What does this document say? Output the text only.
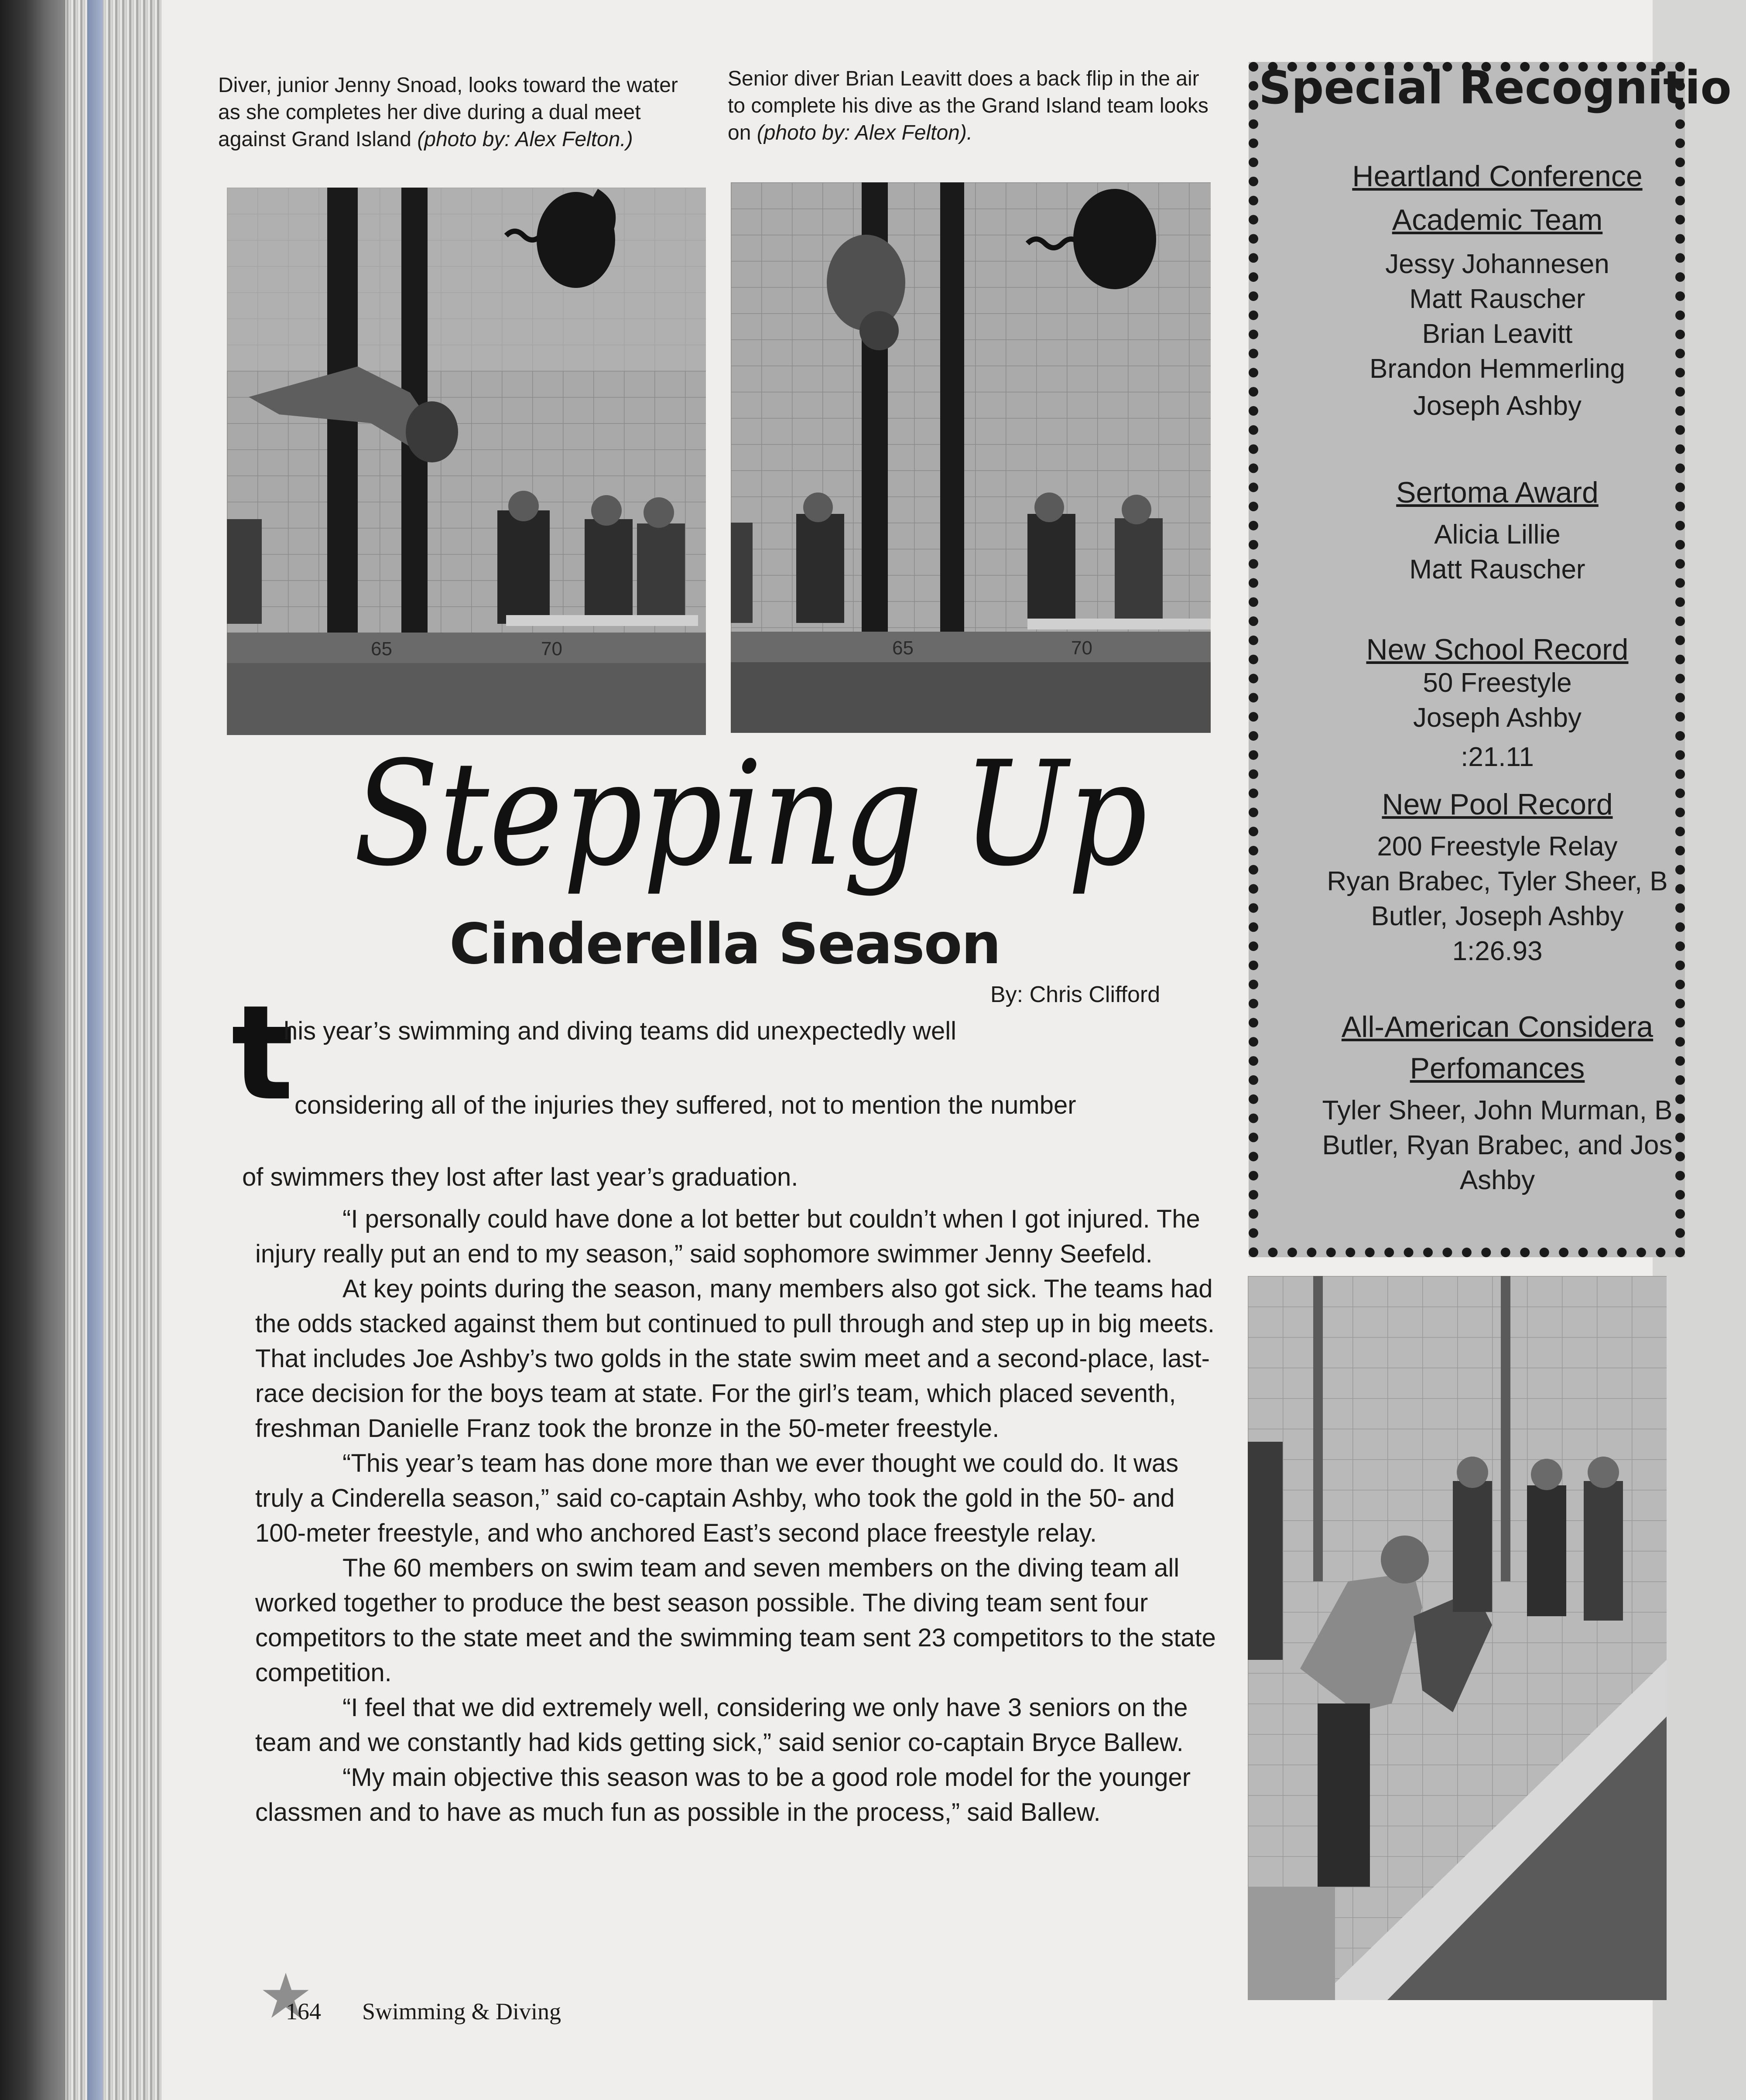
Diver, junior Jenny Snoad, looks toward the water as she completes her dive during a dual meet against Grand Island (photo by: Alex Felton.)
Senior diver Brian Leavitt does a back flip in the air to complete his dive as the Grand Island team looks on (photo by: Alex Felton).
65	70	65	70
Stepping Up
Cinderella Season
By: Chris Clifford
t
his year’s swimming and diving teams did unexpectedly well
considering all of the injuries they suffered, not to mention the number
of swimmers they lost after last year’s graduation.

“I personally could have done a lot better but couldn’t when I got injured. The injury really put an end to my season,” said sophomore swimmer Jenny Seefeld.

At key points during the season, many members also got sick. The teams had the odds stacked against them but continued to pull through and step up in big meets. That includes Joe Ashby’s two golds in the state swim meet and a second-place, last-race decision for the boys team at state. For the girl’s team, which placed seventh, freshman Danielle Franz took the bronze in the 50-meter freestyle.

“This year’s team has done more than we ever thought we could do. It was truly a Cinderella season,” said co-captain Ashby, who took the gold in the 50- and 100-meter freestyle, and who anchored East’s second place freestyle relay.

The 60 members on swim team and seven members on the diving team all worked together to produce the best season possible. The diving team sent four competitors to the state meet and the swimming team sent 23 competitors to the state competition.

“I feel that we did extremely well, considering we only have 3 seniors on the team and we constantly had kids getting sick,” said senior co-captain Bryce Ballew.

“My main objective this season was to be a good role model for the younger classmen and to have as much fun as possible in the process,” said Ballew.

164 Swimming & Diving
Special Recognitio
Heartland Conference
Academic Team
Jessy Johannesen
Matt Rauscher
Brian Leavitt
Brandon Hemmerling
Joseph Ashby
Sertoma Award
Alicia Lillie
Matt Rauscher
New School Record
50 Freestyle
Joseph Ashby
:21.11
New Pool Record
200 Freestyle Relay
Ryan Brabec, Tyler Sheer, B
Butler, Joseph Ashby
1:26.93
All-American Considera
Perfomances
Tyler Sheer, John Murman, B
Butler, Ryan Brabec, and Jos
Ashby
